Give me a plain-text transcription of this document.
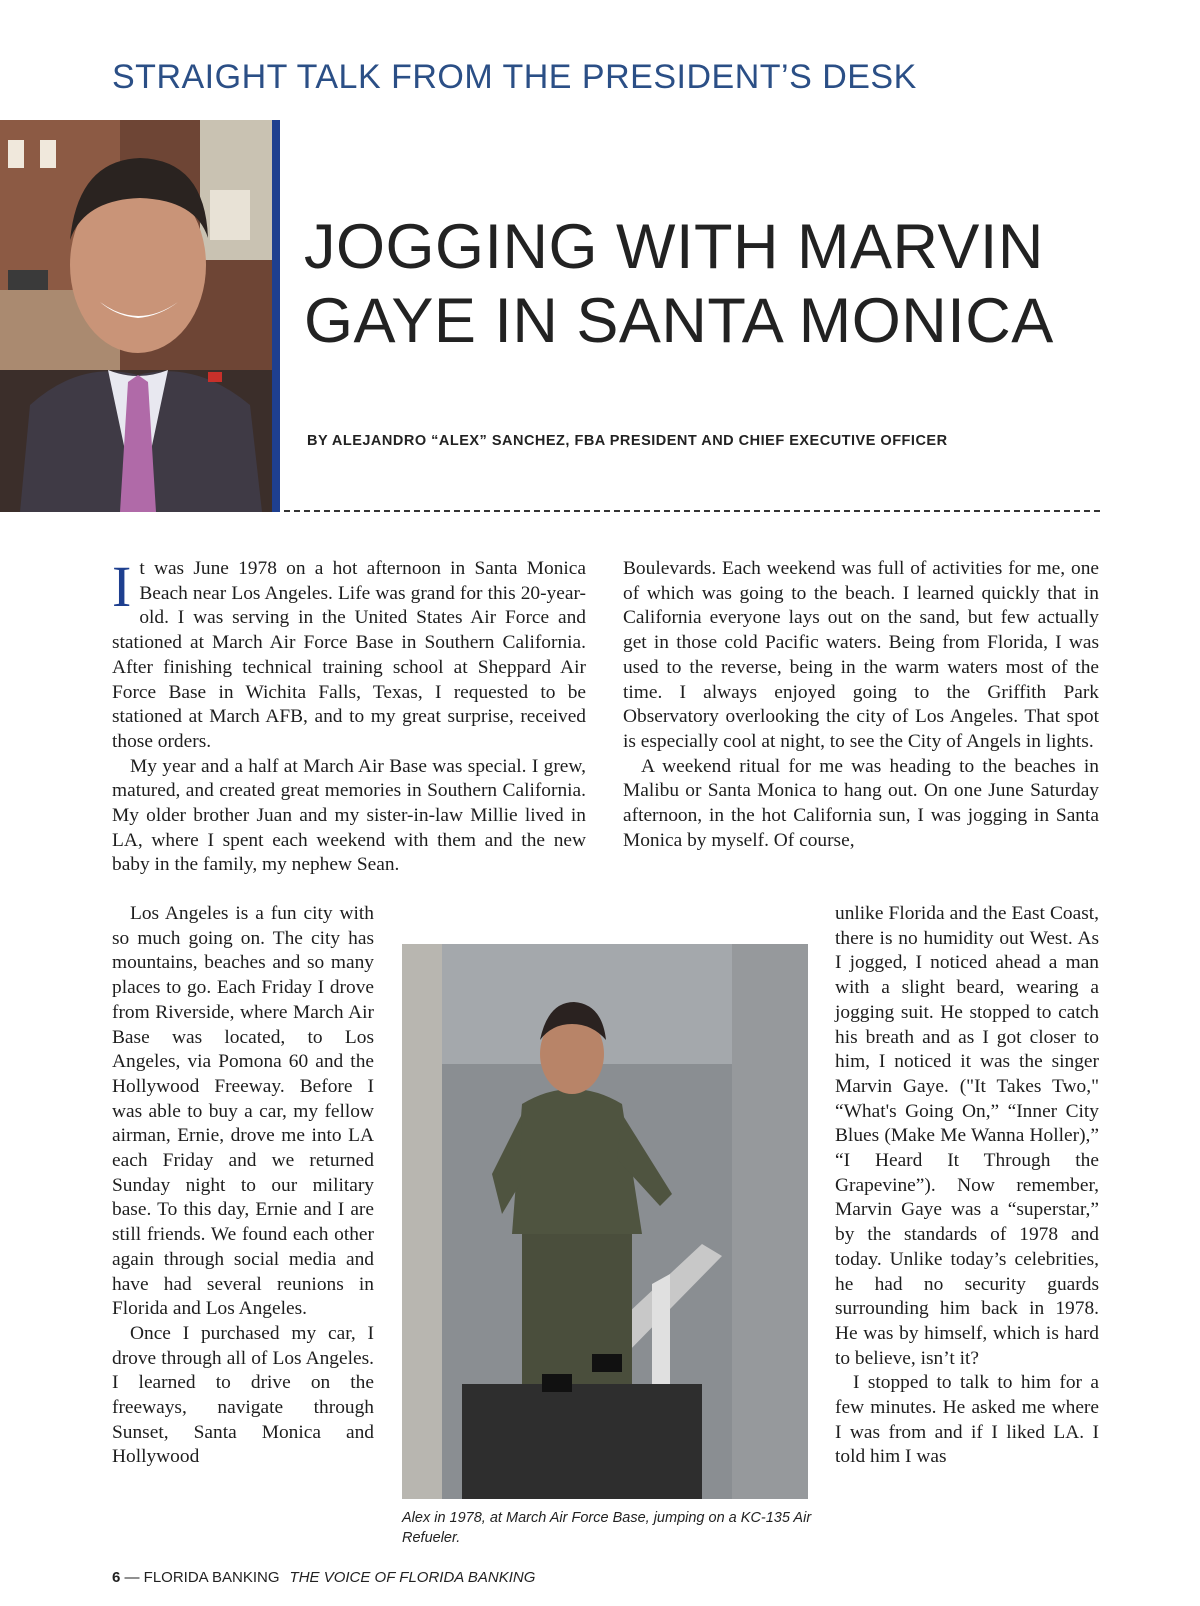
STRAIGHT TALK FROM THE PRESIDENT’S DESK
JOGGING WITH MARVIN GAYE IN SANTA MONICA
BY ALEJANDRO “ALEX” SANCHEZ, FBA PRESIDENT AND CHIEF EXECUTIVE OFFICER

It was June 1978 on a hot afternoon in Santa Monica Beach near Los Angeles. Life was grand for this 20-year-old. I was serving in the United States Air Force and stationed at March Air Force Base in Southern California. After finishing technical training school at Sheppard Air Force Base in Wichita Falls, Texas, I requested to be stationed at March AFB, and to my great surprise, received those orders.

My year and a half at March Air Base was special. I grew, matured, and created great memories in Southern California. My older brother Juan and my sister-in-law Millie lived in LA, where I spent each weekend with them and the new baby in the family, my nephew Sean.

Los Angeles is a fun city with so much going on. The city has mountains, beaches and so many places to go. Each Friday I drove from Riverside, where March Air Base was located, to Los Angeles, via Pomona 60 and the Hollywood Freeway. Before I was able to buy a car, my fellow airman, Ernie, drove me into LA each Friday and we returned Sunday night to our military base. To this day, Ernie and I are still friends. We found each other again through social media and have had several reunions in Florida and Los Angeles.

Once I purchased my car, I drove through all of Los Angeles. I learned to drive on the freeways, navigate through Sunset, Santa Monica and Hollywood

Boulevards. Each weekend was full of activities for me, one of which was going to the beach. I learned quickly that in California everyone lays out on the sand, but few actually get in those cold Pacific waters. Being from Florida, I was used to the reverse, being in the warm waters most of the time. I always enjoyed going to the Griffith Park Observatory overlooking the city of Los Angeles. That spot is especially cool at night, to see the City of Angels in lights.

A weekend ritual for me was heading to the beaches in Malibu or Santa Monica to hang out. On one June Saturday afternoon, in the hot California sun, I was jogging in Santa Monica by myself. Of course,

unlike Florida and the East Coast, there is no humidity out West. As I jogged, I noticed ahead a man with a slight beard, wearing a jogging suit. He stopped to catch his breath and as I got closer to him, I noticed it was the singer Marvin Gaye. ("It Takes Two," “What's Going On,” “Inner City Blues (Make Me Wanna Holler),” “I Heard It Through the Grapevine”). Now remember, Marvin Gaye was a “superstar,” by the standards of 1978 and today. Unlike today’s celebrities, he had no security guards surrounding him back in 1978. He was by himself, which is hard to believe, isn’t it?

I stopped to talk to him for a few minutes. He asked me where I was from and if I liked LA. I told him I was

Alex in 1978, at March Air Force Base, jumping on a KC-135 Air Refueler.
6 — FLORIDA BANKING THE VOICE OF FLORIDA BANKING
